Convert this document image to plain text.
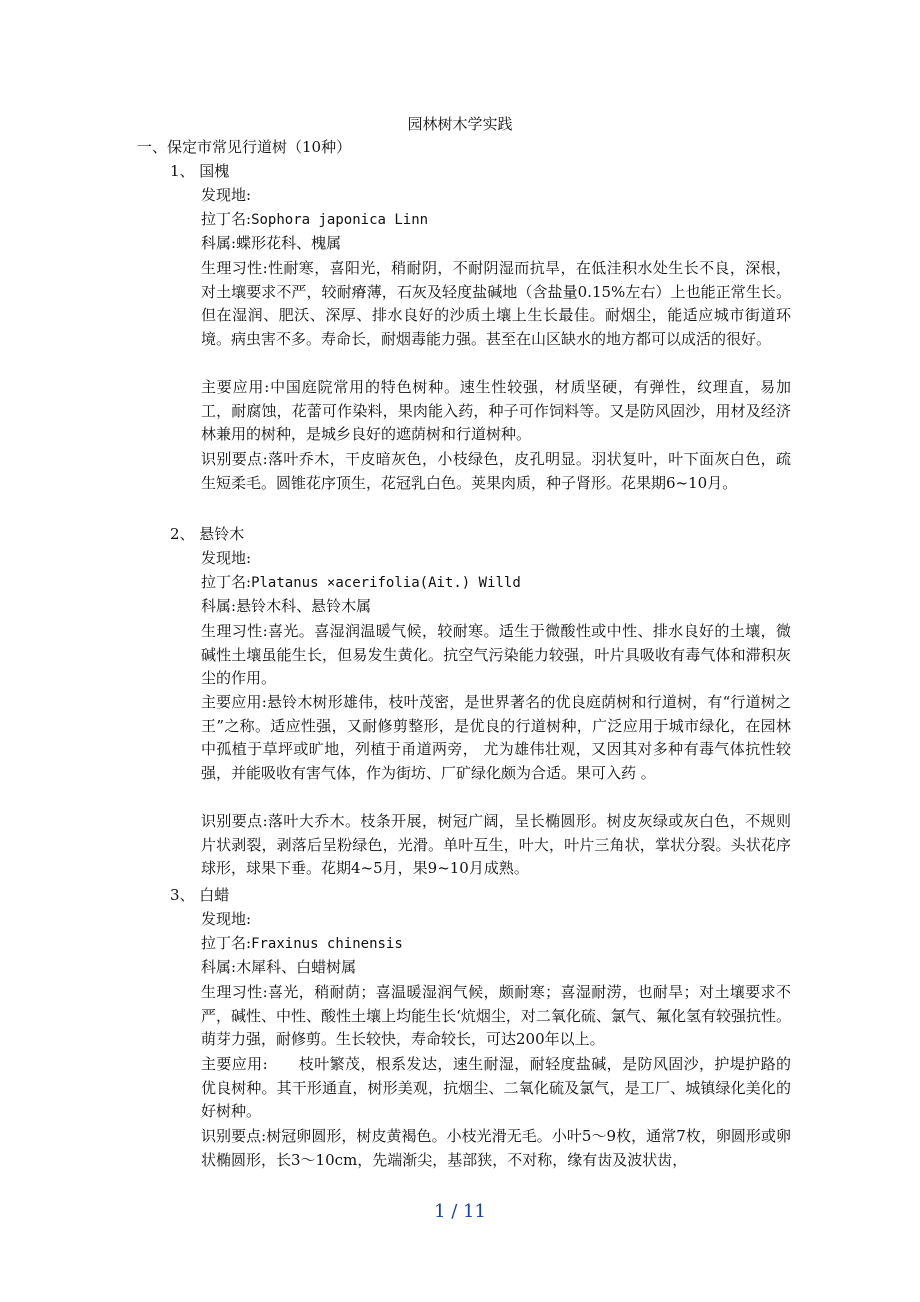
园林树木学实践
一、保定市常见行道树（10种）
1、 国槐
发现地:
拉丁名:Sophora japonica Linn
科属:蝶形花科、槐属
生理习性:性耐寒，喜阳光，稍耐阴，不耐阴湿而抗旱，在低洼积水处生长不良，深根，对土壤要求不严，较耐瘠薄，石灰及轻度盐碱地（含盐量0.15%左右）上也能正常生长。但在湿润、肥沃、深厚、排水良好的沙质土壤上生长最佳。耐烟尘，能适应城市街道环境。病虫害不多。寿命长，耐烟毒能力强。甚至在山区缺水的地方都可以成活的很好。
主要应用:中国庭院常用的特色树种。速生性较强，材质坚硬，有弹性，纹理直，易加工，耐腐蚀，花蕾可作染料，果肉能入药，种子可作饲料等。又是防风固沙，用材及经济林兼用的树种，是城乡良好的遮荫树和行道树种。
识别要点:落叶乔木，干皮暗灰色，小枝绿色，皮孔明显。羽状复叶，叶下面灰白色，疏生短柔毛。圆锥花序顶生，花冠乳白色。荚果肉质，种子肾形。花果期6~10月。
2、 悬铃木
发现地:
拉丁名:Platanus ×acerifolia(Ait.) Willd
科属:悬铃木科、悬铃木属
生理习性:喜光。喜湿润温暖气候，较耐寒。适生于微酸性或中性、排水良好的土壤，微碱性土壤虽能生长，但易发生黄化。抗空气污染能力较强，叶片具吸收有毒气体和滞积灰尘的作用。
主要应用:悬铃木树形雄伟，枝叶茂密，是世界著名的优良庭荫树和行道树，有“行道树之王”之称。适应性强，又耐修剪整形，是优良的行道树种，广泛应用于城市绿化，在园林中孤植于草坪或旷地，列植于甬道两旁， 尤为雄伟壮观，又因其对多种有毒气体抗性较强，并能吸收有害气体，作为街坊、厂矿绿化颇为合适。果可入药 。
识别要点:落叶大乔木。枝条开展，树冠广阔，呈长椭圆形。树皮灰绿或灰白色，不规则片状剥裂，剥落后呈粉绿色，光滑。单叶互生，叶大，叶片三角状，掌状分裂。头状花序球形，球果下垂。花期4~5月，果9~10月成熟。
3、 白蜡
发现地:
拉丁名:Fraxinus chinensis
科属:木犀科、白蜡树属
生理习性:喜光，稍耐荫；喜温暖湿润气候，颇耐寒；喜湿耐涝，也耐旱；对土壤要求不严，碱性、中性、酸性土壤上均能生长‘炕烟尘，对二氧化硫、氯气、氟化氢有较强抗性。萌芽力强，耐修剪。生长较快，寿命较长，可达200年以上。
主要应用:　　枝叶繁茂，根系发达，速生耐湿，耐轻度盐碱，是防风固沙，护堤护路的优良树种。其干形通直，树形美观，抗烟尘、二氧化硫及氯气，是工厂、城镇绿化美化的好树种。
识别要点:树冠卵圆形，树皮黄褐色。小枝光滑无毛。小叶5～9枚，通常7枚，卵圆形或卵状椭圆形，长3～10cm，先端渐尖，基部狭，不对称，缘有齿及波状齿，
1 / 11
